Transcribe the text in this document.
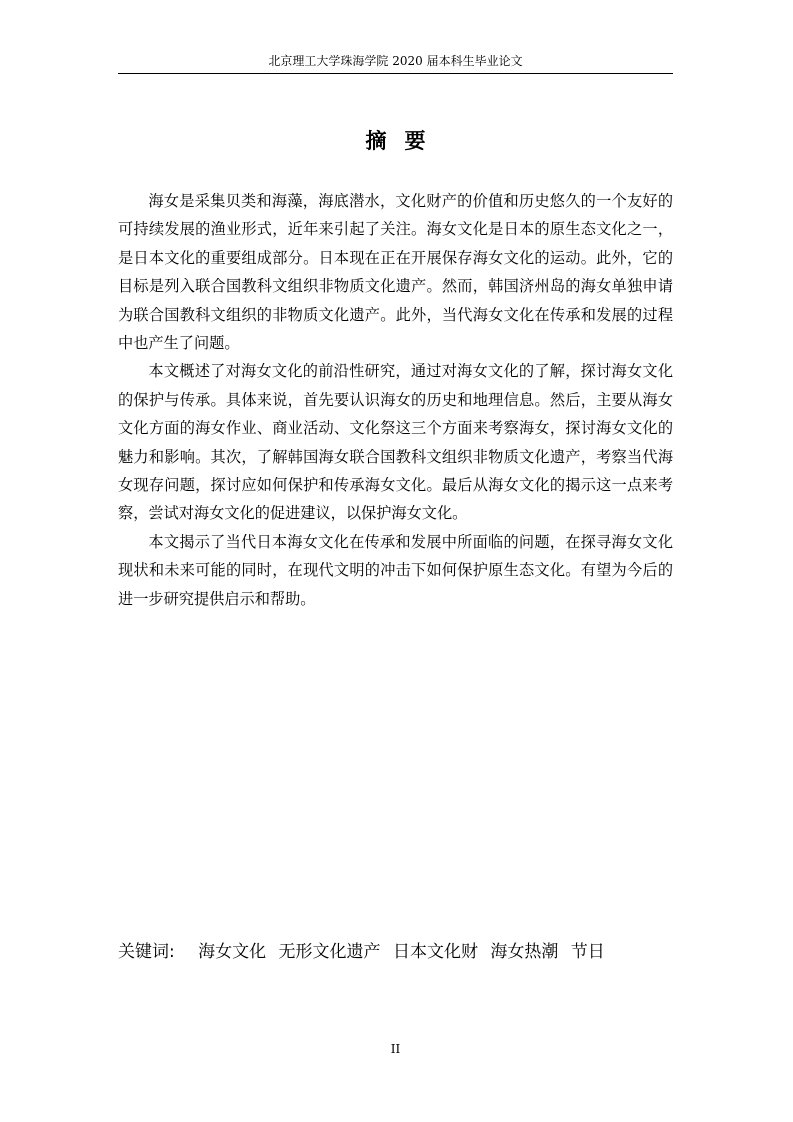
北京理工大学珠海学院 2020 届本科生毕业论文
摘要

海女是采集贝类和海藻，海底潜水，文化财产的价值和历史悠久的一个友好的可持续发展的渔业形式，近年来引起了关注。海女文化是日本的原生态文化之一，是日本文化的重要组成部分。日本现在正在开展保存海女文化的运动。此外，它的目标是列入联合国教科文组织非物质文化遗产。然而，韩国济州岛的海女单独申请为联合国教科文组织的非物质文化遗产。此外，当代海女文化在传承和发展的过程中也产生了问题。

本文概述了对海女文化的前沿性研究，通过对海女文化的了解，探讨海女文化的保护与传承。具体来说，首先要认识海女的历史和地理信息。然后，主要从海女文化方面的海女作业、商业活动、文化祭这三个方面来考察海女，探讨海女文化的魅力和影响。其次，了解韩国海女联合国教科文组织非物质文化遗产，考察当代海女现存问题，探讨应如何保护和传承海女文化。最后从海女文化的揭示这一点来考察，尝试对海女文化的促进建议，以保护海女文化。

本文揭示了当代日本海女文化在传承和发展中所面临的问题，在探寻海女文化现状和未来可能的同时，在现代文明的冲击下如何保护原生态文化。有望为今后的进一步研究提供启示和帮助。

关键词: 海女文化 无形文化遗产 日本文化财 海女热潮 节日
II
